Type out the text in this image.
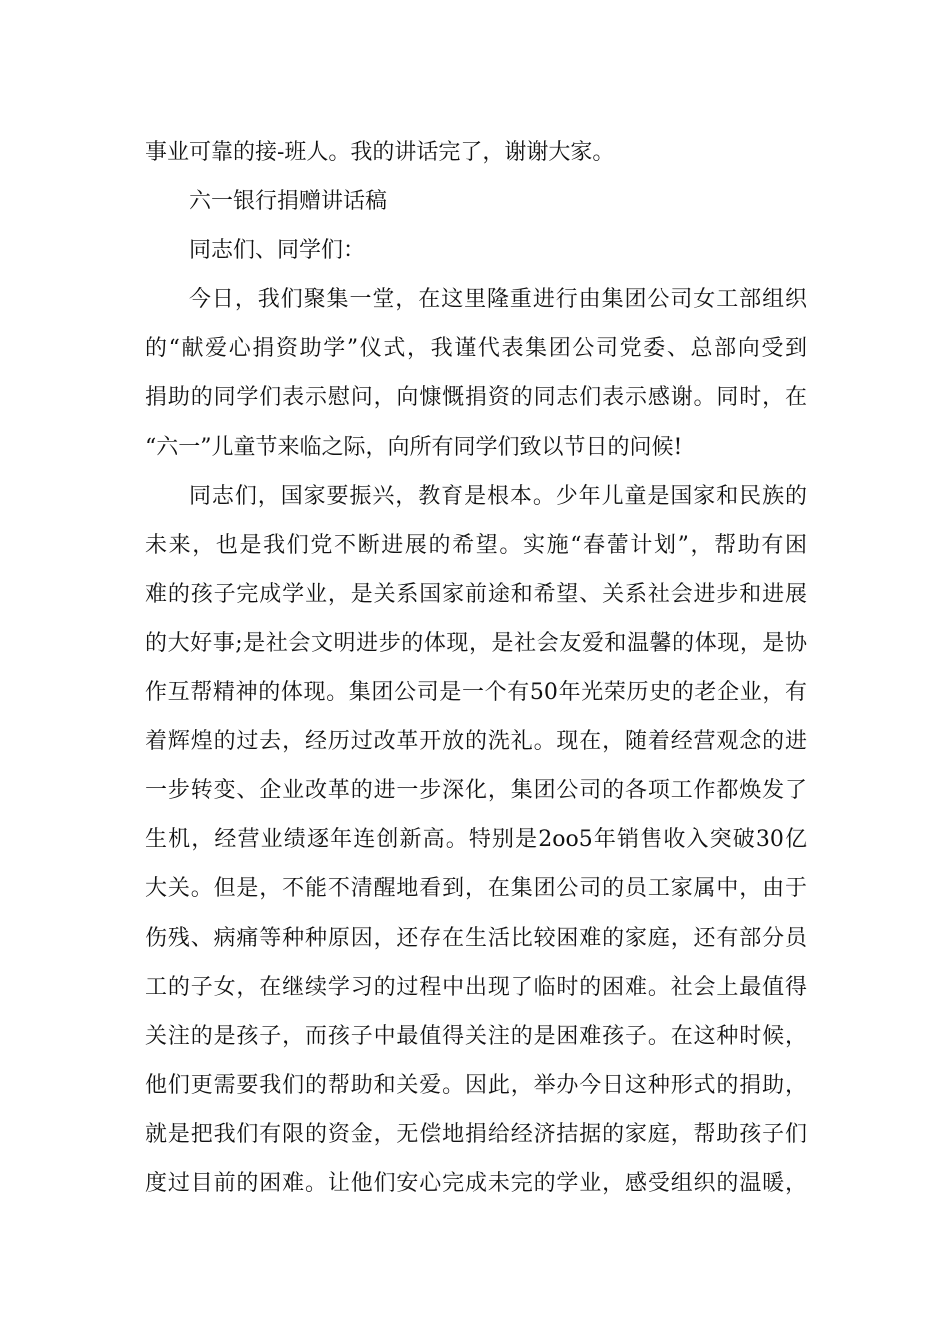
事业可靠的接-班人。我的讲话完了，谢谢大家。
六一银行捐赠讲话稿
同志们、同学们：
今日，我们聚集一堂，在这里隆重进行由集团公司女工部组织
的“献爱心捐资助学”仪式，我谨代表集团公司党委、总部向受到
捐助的同学们表示慰问，向慷慨捐资的同志们表示感谢。同时，在
“六一”儿童节来临之际，向所有同学们致以节日的问候!
同志们，国家要振兴，教育是根本。少年儿童是国家和民族的
未来，也是我们党不断进展的希望。实施“春蕾计划”，帮助有困
难的孩子完成学业，是关系国家前途和希望、关系社会进步和进展
的大好事;是社会文明进步的体现，是社会友爱和温馨的体现，是协
作互帮精神的体现。集团公司是一个有50年光荣历史的老企业，有
着辉煌的过去，经历过改革开放的洗礼。现在，随着经营观念的进
一步转变、企业改革的进一步深化，集团公司的各项工作都焕发了
生机，经营业绩逐年连创新高。特别是2oo5年销售收入突破30亿
大关。但是，不能不清醒地看到，在集团公司的员工家属中，由于
伤残、病痛等种种原因，还存在生活比较困难的家庭，还有部分员
工的子女，在继续学习的过程中出现了临时的困难。社会上最值得
关注的是孩子，而孩子中最值得关注的是困难孩子。在这种时候，
他们更需要我们的帮助和关爱。因此，举办今日这种形式的捐助，
就是把我们有限的资金，无偿地捐给经济拮据的家庭，帮助孩子们
度过目前的困难。让他们安心完成未完的学业，感受组织的温暖，
